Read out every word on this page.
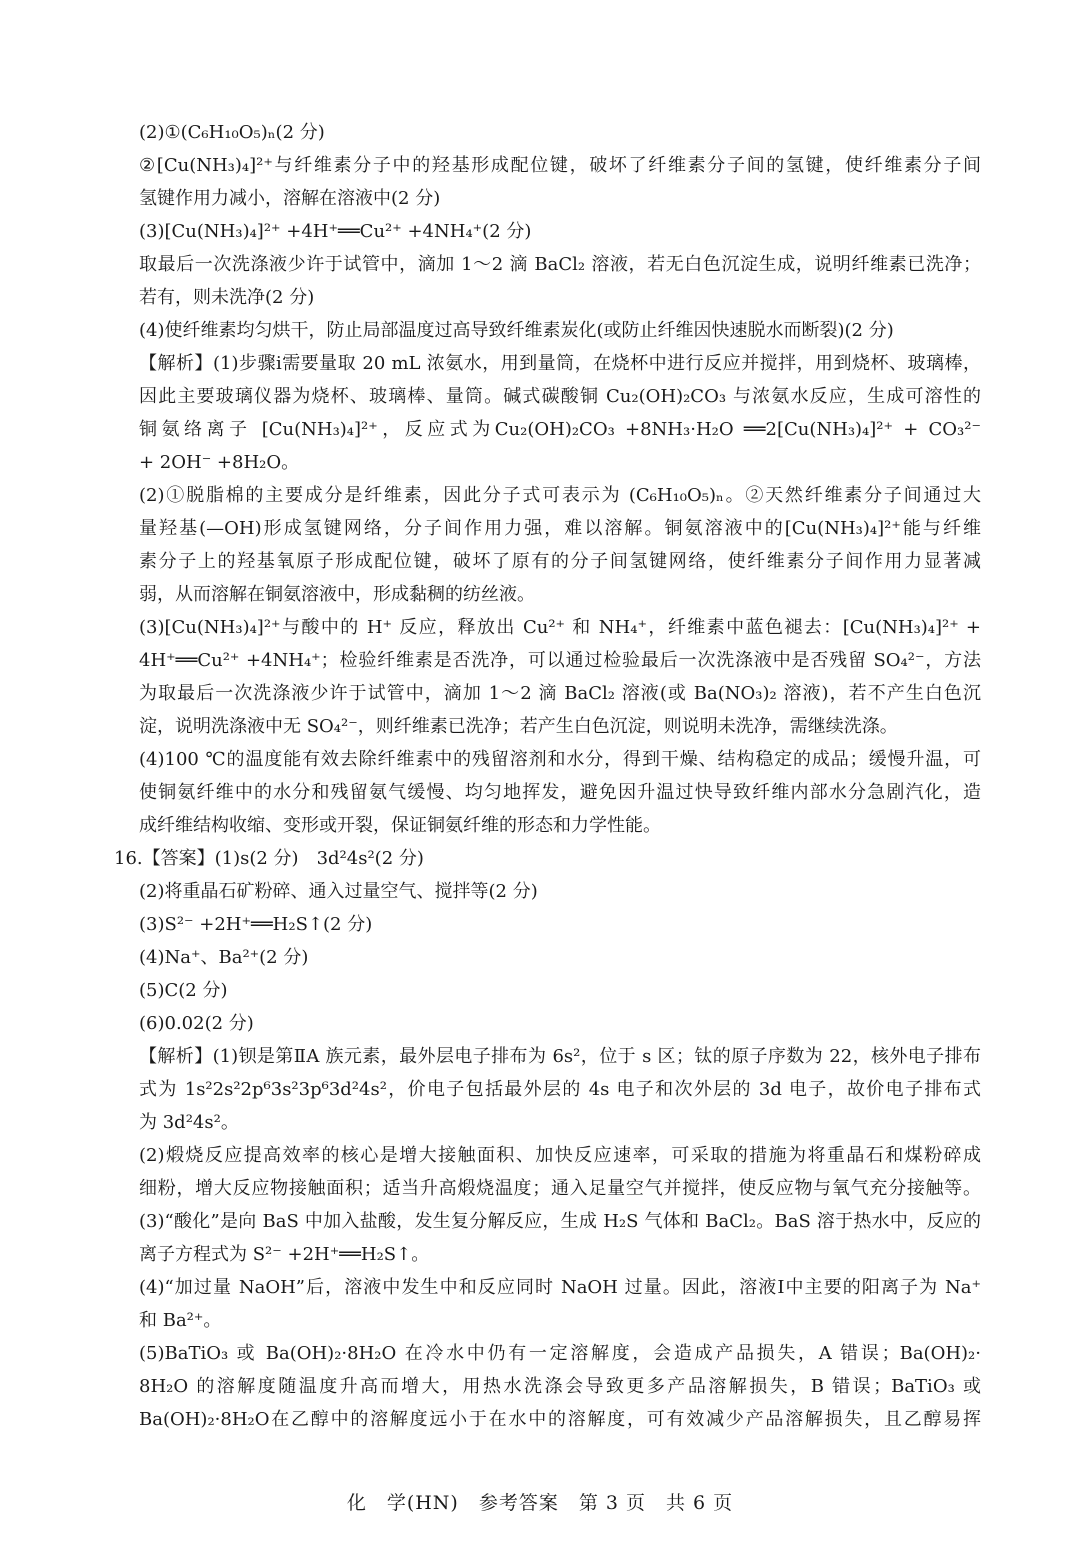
(2)①(C₆H₁₀O₅)ₙ(2 分)
②[Cu(NH₃)₄]²⁺与纤维素分子中的羟基形成配位键，破坏了纤维素分子间的氢键，使纤维素分子间
氢键作用力减小，溶解在溶液中(2 分)
(3)[Cu(NH₃)₄]²⁺ +4H⁺══Cu²⁺ +4NH₄⁺(2 分)
取最后一次洗涤液少许于试管中，滴加 1～2 滴 BaCl₂ 溶液，若无白色沉淀生成，说明纤维素已洗净；
若有，则未洗净(2 分)
(4)使纤维素均匀烘干，防止局部温度过高导致纤维素炭化(或防止纤维因快速脱水而断裂)(2 分)
【解析】(1)步骤ⅰ需要量取 20 mL 浓氨水，用到量筒，在烧杯中进行反应并搅拌，用到烧杯、玻璃棒，
因此主要玻璃仪器为烧杯、玻璃棒、量筒。碱式碳酸铜 Cu₂(OH)₂CO₃ 与浓氨水反应，生成可溶性的
铜氨络离子 [Cu(NH₃)₄]²⁺，反应式为Cu₂(OH)₂CO₃ +8NH₃·H₂O ══2[Cu(NH₃)₄]²⁺ + CO₃²⁻
+ 2OH⁻ +8H₂O。
(2)①脱脂棉的主要成分是纤维素，因此分子式可表示为 (C₆H₁₀O₅)ₙ。②天然纤维素分子间通过大
量羟基(—OH)形成氢键网络，分子间作用力强，难以溶解。铜氨溶液中的[Cu(NH₃)₄]²⁺能与纤维
素分子上的羟基氧原子形成配位键，破坏了原有的分子间氢键网络，使纤维素分子间作用力显著减
弱，从而溶解在铜氨溶液中，形成黏稠的纺丝液。
(3)[Cu(NH₃)₄]²⁺与酸中的 H⁺ 反应，释放出 Cu²⁺ 和 NH₄⁺，纤维素中蓝色褪去：[Cu(NH₃)₄]²⁺ +
4H⁺══Cu²⁺ +4NH₄⁺；检验纤维素是否洗净，可以通过检验最后一次洗涤液中是否残留 SO₄²⁻，方法
为取最后一次洗涤液少许于试管中，滴加 1～2 滴 BaCl₂ 溶液(或 Ba(NO₃)₂ 溶液)，若不产生白色沉
淀，说明洗涤液中无 SO₄²⁻，则纤维素已洗净；若产生白色沉淀，则说明未洗净，需继续洗涤。
(4)100 ℃的温度能有效去除纤维素中的残留溶剂和水分，得到干燥、结构稳定的成品；缓慢升温，可
使铜氨纤维中的水分和残留氨气缓慢、均匀地挥发，避免因升温过快导致纤维内部水分急剧汽化，造
成纤维结构收缩、变形或开裂，保证铜氨纤维的形态和力学性能。
16.【答案】(1)s(2 分)　3d²4s²(2 分)
(2)将重晶石矿粉碎、通入过量空气、搅拌等(2 分)
(3)S²⁻ +2H⁺══H₂S↑(2 分)
(4)Na⁺、Ba²⁺(2 分)
(5)C(2 分)
(6)0.02(2 分)
【解析】(1)钡是第ⅡA 族元素，最外层电子排布为 6s²，位于 s 区；钛的原子序数为 22，核外电子排布
式为 1s²2s²2p⁶3s²3p⁶3d²4s²，价电子包括最外层的 4s 电子和次外层的 3d 电子，故价电子排布式
为 3d²4s²。
(2)煅烧反应提高效率的核心是增大接触面积、加快反应速率，可采取的措施为将重晶石和煤粉碎成
细粉，增大反应物接触面积；适当升高煅烧温度；通入足量空气并搅拌，使反应物与氧气充分接触等。
(3)“酸化”是向 BaS 中加入盐酸，发生复分解反应，生成 H₂S 气体和 BaCl₂。BaS 溶于热水中，反应的
离子方程式为 S²⁻ +2H⁺══H₂S↑。
(4)“加过量 NaOH”后，溶液中发生中和反应同时 NaOH 过量。因此，溶液Ⅰ中主要的阳离子为 Na⁺
和 Ba²⁺。
(5)BaTiO₃ 或 Ba(OH)₂·8H₂O 在冷水中仍有一定溶解度，会造成产品损失，A 错误；Ba(OH)₂·
8H₂O 的溶解度随温度升高而增大，用热水洗涤会导致更多产品溶解损失，B 错误；BaTiO₃ 或
Ba(OH)₂·8H₂O在乙醇中的溶解度远小于在水中的溶解度，可有效减少产品溶解损失，且乙醇易挥
化　学(HN)　参考答案　第 3 页　共 6 页
